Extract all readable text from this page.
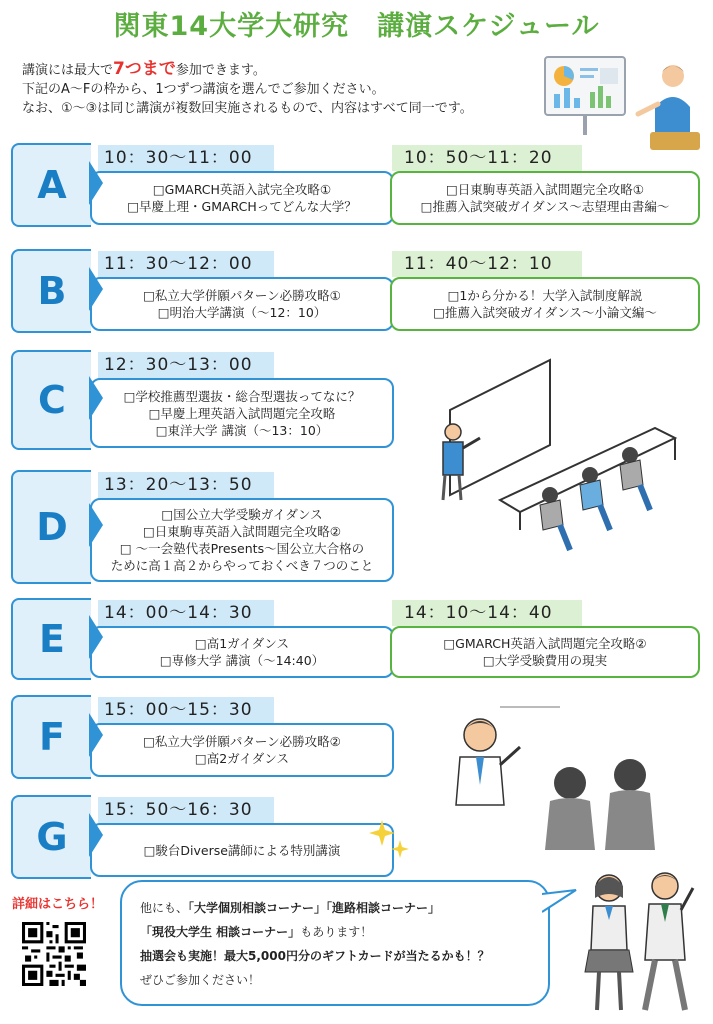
関東14大学大研究　講演スケジュール
講演には最大で7つまで参加できます。
下記のA～Fの枠から、1つずつ講演を選んでご参加ください。
なお、①～③は同じ講演が複数回実施されるもので、内容はすべて同一です。
A
10：30～11：00
□GMARCH英語入試完全攻略①
□早慶上理・GMARCHってどんな大学？
10：50～11：20
□日東駒専英語入試問題完全攻略①
□推薦入試突破ガイダンス～志望理由書編～
B
11：30～12：00
□私立大学併願パターン必勝攻略①
□明治大学講演（～12：10）
11：40～12：10
□1から分かる！大学入試制度解説
□推薦入試突破ガイダンス～小論文編～
C
12：30～13：00
□学校推薦型選抜・総合型選抜ってなに？
□早慶上理英語入試問題完全攻略
□東洋大学 講演（～13：10）
D
13：20～13：50
□国公立大学受験ガイダンス
□日東駒専英語入試問題完全攻略②
□ ～一会塾代表Presents～国公立大合格の
ために高１高２からやっておくべき７つのこと
E
14：00～14：30
□高1ガイダンス
□専修大学 講演（～14:40）
14：10～14：40
□GMARCH英語入試問題完全攻略②
□大学受験費用の現実
F
15：00～15：30
□私立大学併願パターン必勝攻略②
□高2ガイダンス
G
15：50～16：30
□駿台Diverse講師による特別講演
詳細はこちら！	他にも、「大学個別相談コーナー」「進路相談コーナー」
「現役大学生 相談コーナー」もあります！
抽選会も実施！最大5,000円分のギフトカードが当たるかも！？
ぜひご参加ください！
